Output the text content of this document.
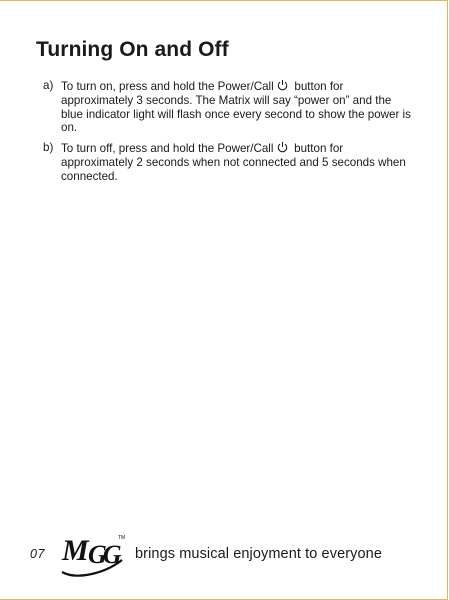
Turning On and Off
a) To turn on, press and hold the Power/Call button for approximately 3 seconds. The Matrix will say “power on” and the blue indicator light will flash once every second to show the power is on.
b) To turn off, press and hold the Power/Call button for approximately 2 seconds when not connected and 5 seconds when connected.
07 M GG
TM
brings musical enjoyment to everyone
